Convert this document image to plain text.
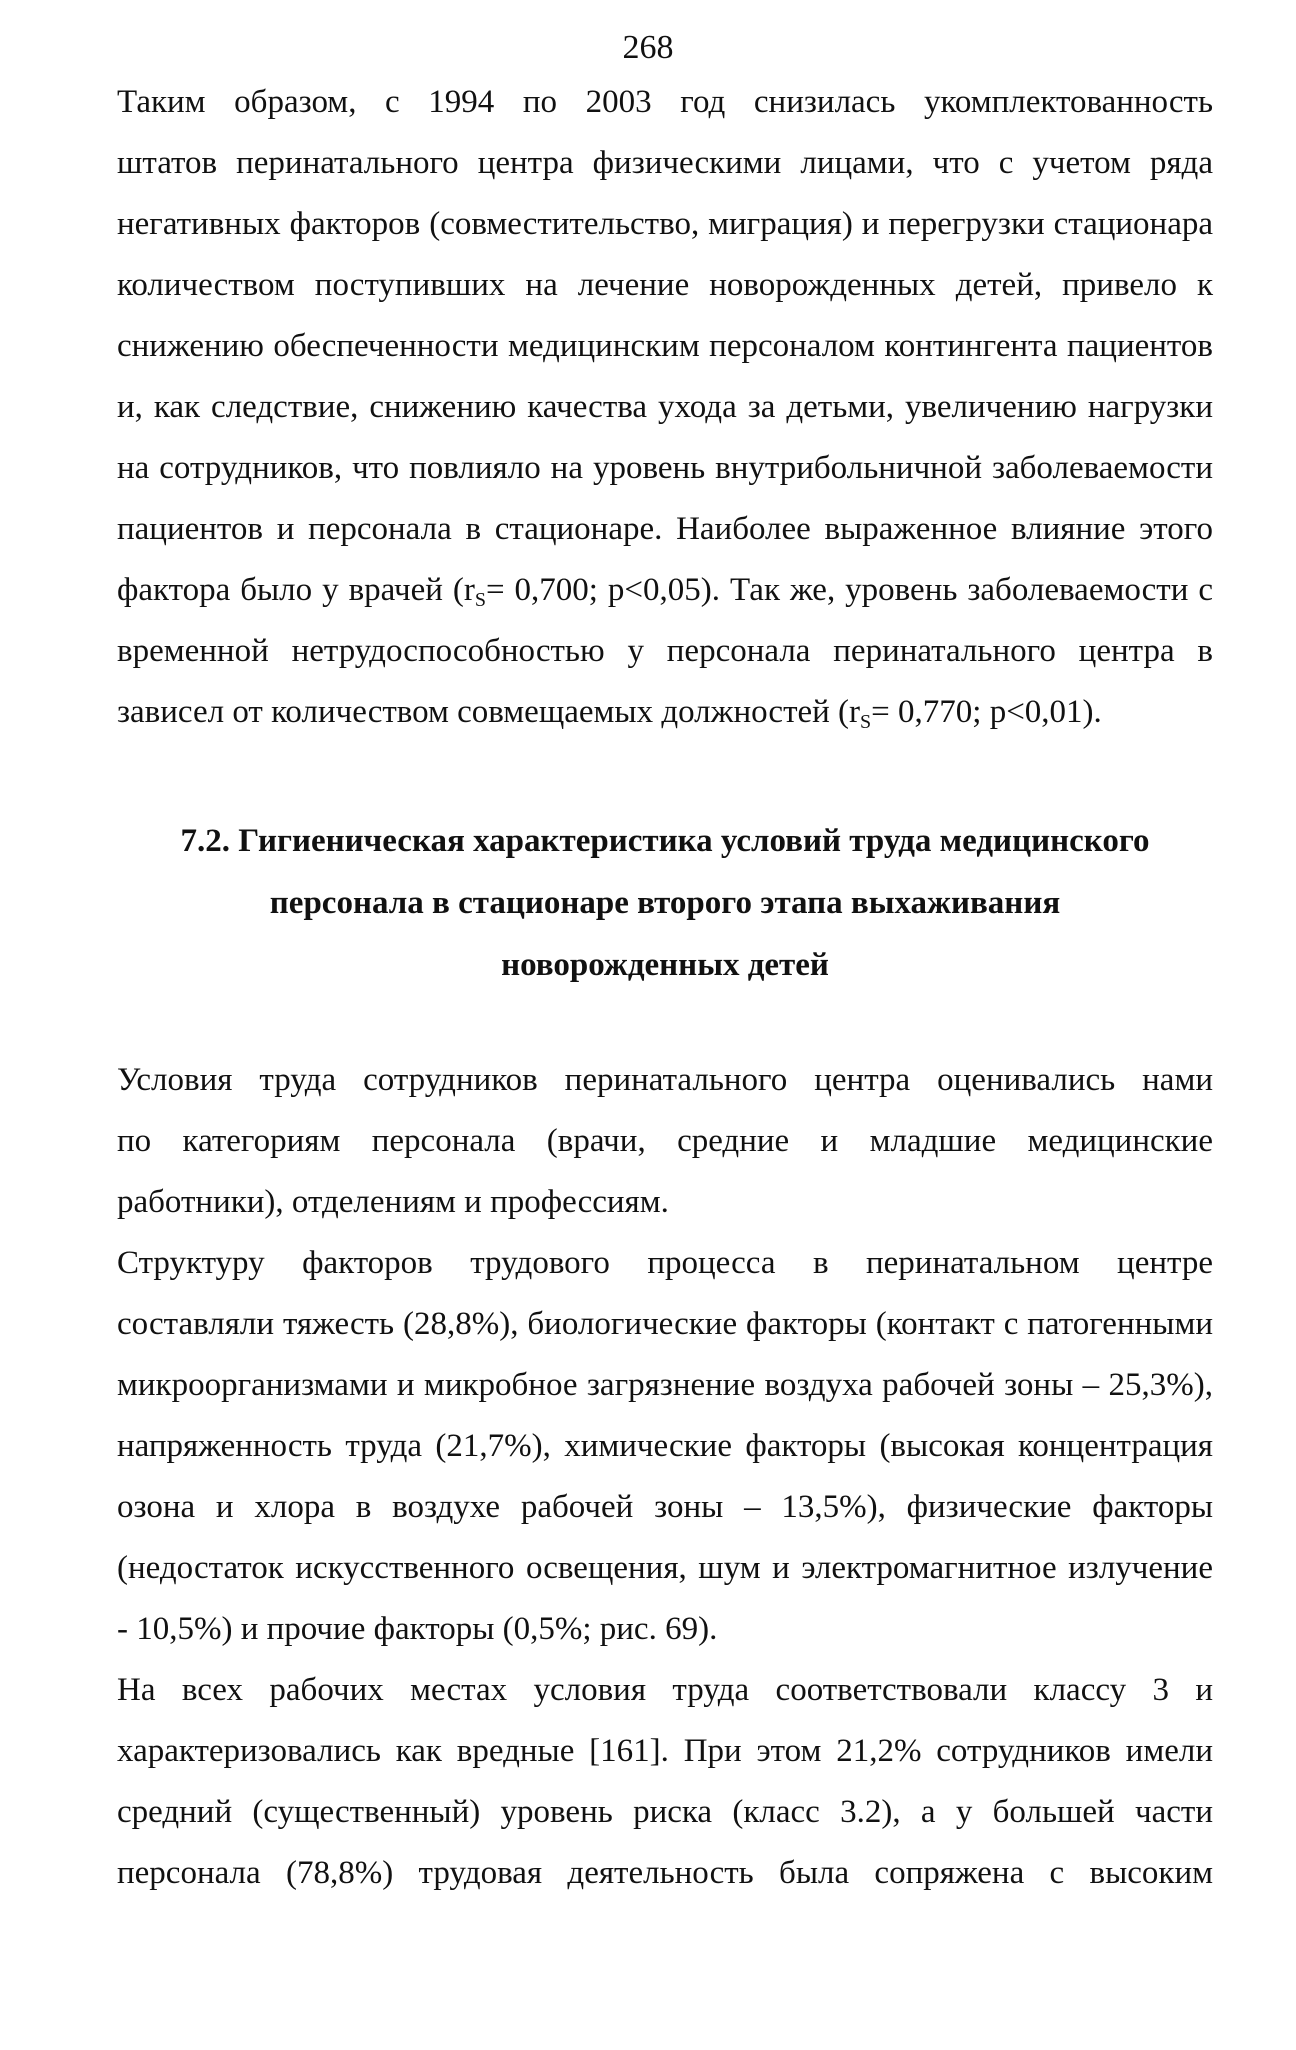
268

Таким образом, с 1994 по 2003 год снизилась укомплектованность
штатов перинатального центра физическими лицами, что с учетом ряда
негативных факторов (совместительство, миграция) и перегрузки стационара
количеством поступивших на лечение новорожденных детей, привело к
снижению обеспеченности медицинским персоналом контингента пациентов
и, как следствие, снижению качества ухода за детьми, увеличению нагрузки
на сотрудников, что повлияло на уровень внутрибольничной заболеваемости
пациентов и персонала в стационаре. Наиболее выраженное влияние этого
фактора было у врачей ($r_S= 0,700$; p<0,05). Так же, уровень заболеваемости с
временной нетрудоспособностью у персонала перинатального центра в
зависел от количеством совмещаемых должностей ($r_S= 0,770$; p<0,01).

7.2. Гигиеническая характеристика условий труда медицинского
персонала в стационаре второго этапа выхаживания
новорожденных детей

Условия труда сотрудников перинатального центра оценивались нами
по категориям персонала (врачи, средние и младшие медицинские
работники), отделениям и профессиям.

Структуру факторов трудового процесса в перинатальном центре
составляли тяжесть (28,8%), биологические факторы (контакт с патогенными
микроорганизмами и микробное загрязнение воздуха рабочей зоны – 25,3%),
напряженность труда (21,7%), химические факторы (высокая концентрация
озона и хлора в воздухе рабочей зоны – 13,5%), физические факторы
(недостаток искусственного освещения, шум и электромагнитное излучение
- 10,5%) и прочие факторы (0,5%; рис. 69).

На всех рабочих местах условия труда соответствовали классу 3 и
характеризовались как вредные [161]. При этом 21,2% сотрудников имели
средний (существенный) уровень риска (класс 3.2), а у большей части
персонала (78,8%) трудовая деятельность была сопряжена с высоким
